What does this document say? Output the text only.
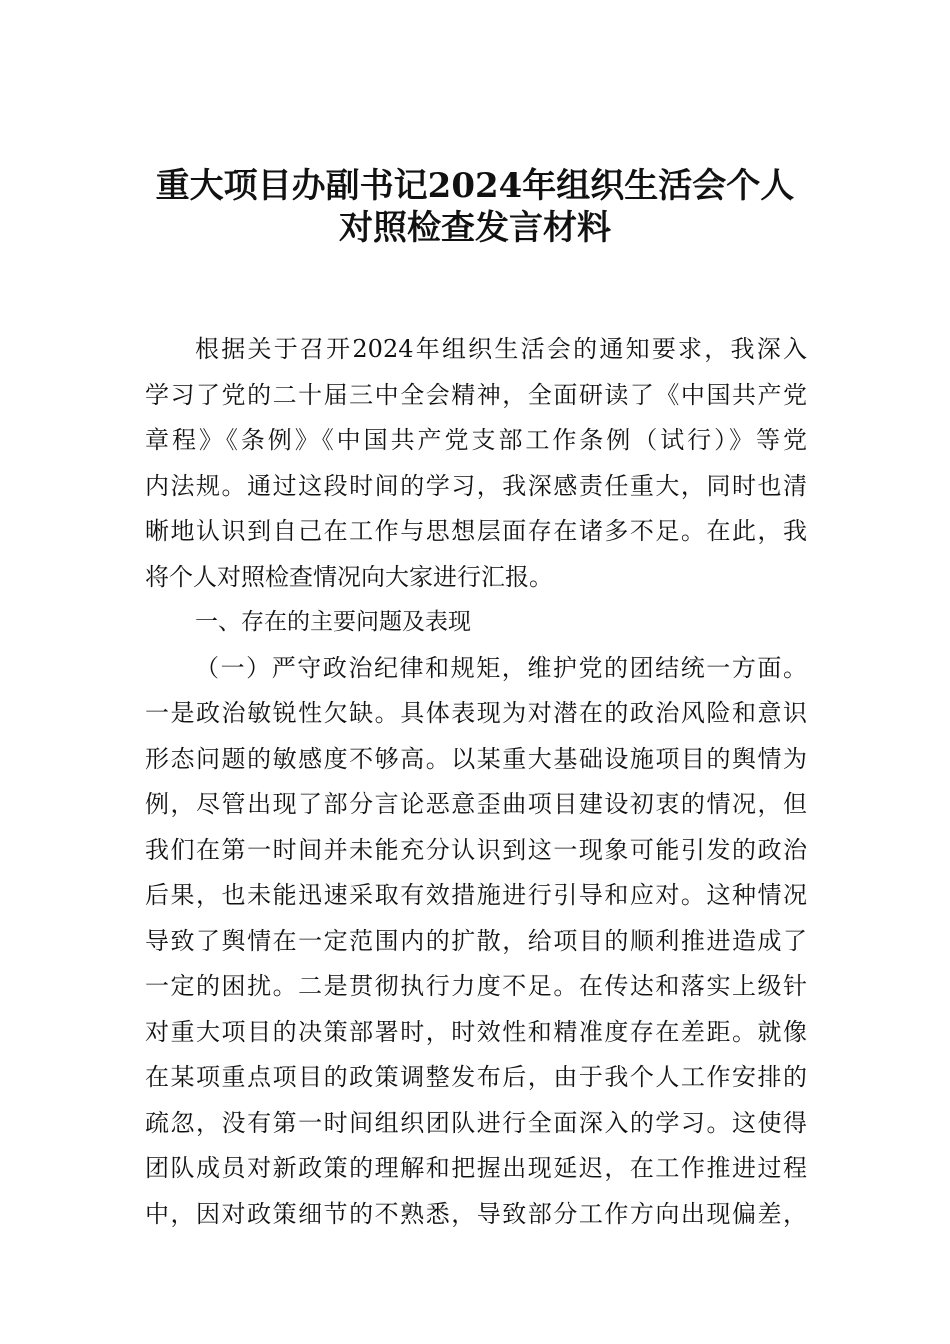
重大项目办副书记2024年组织生活会个人
对照检查发言材料
根据关于召开2024年组织生活会的通知要求，我深入
学习了党的二十届三中全会精神，全面研读了《中国共产党
章程》《条例》《中国共产党支部工作条例（试行）》等党
内法规。通过这段时间的学习，我深感责任重大，同时也清
晰地认识到自己在工作与思想层面存在诸多不足。在此，我
将个人对照检查情况向大家进行汇报。
一、存在的主要问题及表现
（一）严守政治纪律和规矩，维护党的团结统一方面。
一是政治敏锐性欠缺。具体表现为对潜在的政治风险和意识
形态问题的敏感度不够高。以某重大基础设施项目的舆情为
例，尽管出现了部分言论恶意歪曲项目建设初衷的情况，但
我们在第一时间并未能充分认识到这一现象可能引发的政治
后果，也未能迅速采取有效措施进行引导和应对。这种情况
导致了舆情在一定范围内的扩散，给项目的顺利推进造成了
一定的困扰。二是贯彻执行力度不足。在传达和落实上级针
对重大项目的决策部署时，时效性和精准度存在差距。就像
在某项重点项目的政策调整发布后，由于我个人工作安排的
疏忽，没有第一时间组织团队进行全面深入的学习。这使得
团队成员对新政策的理解和把握出现延迟，在工作推进过程
中，因对政策细节的不熟悉，导致部分工作方向出现偏差，
